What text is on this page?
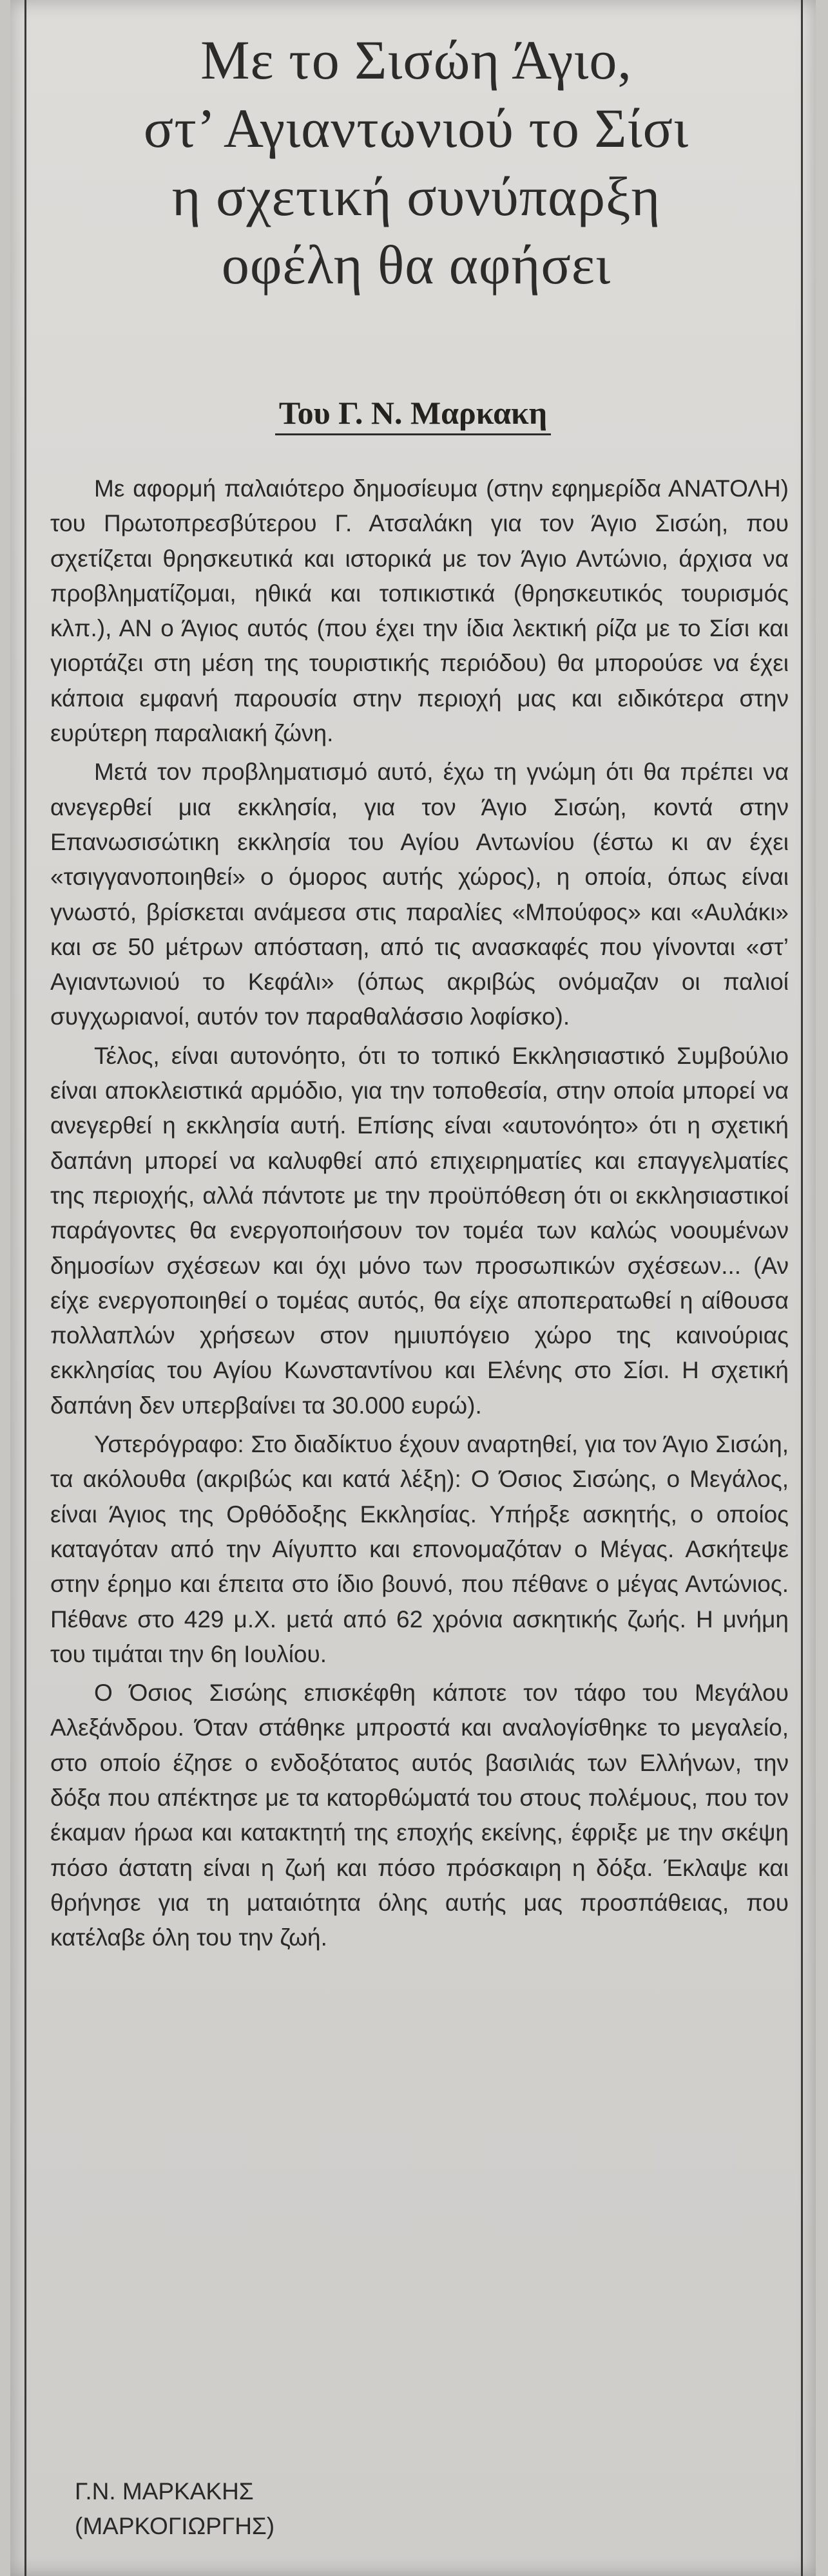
Με το Σισώη Άγιο,
στ’ Αγιαντωνιού το Σίσι
η σχετική συνύπαρξη
οφέλη θα αφήσει
Του Γ. Ν. Μαρκακη

Με αφορμή παλαιότερο δημοσίευμα (στην εφημερίδα ΑΝΑΤΟΛΗ) του Πρωτοπρεσβύτερου Γ. Ατσαλάκη για τον Άγιο Σισώη, που σχετίζεται θρησκευτικά και ιστορικά με τον Άγιο Αντώνιο, άρχισα να προβληματίζομαι, ηθικά και τοπικιστικά (θρησκευτικός τουρισμός κλπ.), ΑΝ ο Άγιος αυτός (που έχει την ίδια λεκτική ρίζα με το Σίσι και γιορτάζει στη μέση της τουριστικής περιόδου) θα μπορούσε να έχει κάποια εμφανή παρουσία στην περιοχή μας και ειδικότερα στην ευρύτερη παραλιακή ζώνη.

Μετά τον προβληματισμό αυτό, έχω τη γνώμη ότι θα πρέπει να ανεγερθεί μια εκκλησία, για τον Άγιο Σισώη, κοντά στην Επανωσισώτικη εκκλησία του Αγίου Αντωνίου (έστω κι αν έχει «τσιγγανοποιηθεί» ο όμορος αυτής χώρος), η οποία, όπως είναι γνωστό, βρίσκεται ανάμεσα στις παραλίες «Μπούφος» και «Αυλάκι» και σε 50 μέτρων απόσταση, από τις ανασκαφές που γίνονται «στ’ Αγιαντωνιού το Κεφάλι» (όπως ακριβώς ονόμαζαν οι παλιοί συγχωριανοί, αυτόν τον παραθαλάσσιο λοφίσκο).

Τέλος, είναι αυτονόητο, ότι το τοπικό Εκκλησιαστικό Συμβούλιο είναι αποκλειστικά αρμόδιο, για την τοποθεσία, στην οποία μπορεί να ανεγερθεί η εκκλησία αυτή. Επίσης είναι «αυτονόητο» ότι η σχετική δαπάνη μπορεί να καλυφθεί από επιχειρηματίες και επαγγελματίες της περιοχής, αλλά πάντοτε με την προϋπόθεση ότι οι εκκλησιαστικοί παράγοντες θα ενεργοποιήσουν τον τομέα των καλώς νοουμένων δημοσίων σχέσεων και όχι μόνο των προσωπικών σχέσεων... (Αν είχε ενεργοποιηθεί ο τομέας αυτός, θα είχε αποπερατωθεί η αίθουσα πολλαπλών χρήσεων στον ημιυπόγειο χώρο της καινούριας εκκλησίας του Αγίου Κωνσταντίνου και Ελένης στο Σίσι. Η σχετική δαπάνη δεν υπερβαίνει τα 30.000 ευρώ).

Υστερόγραφο: Στο διαδίκτυο έχουν αναρτηθεί, για τον Άγιο Σισώη, τα ακόλουθα (ακριβώς και κατά λέξη): Ο Όσιος Σισώης, ο Μεγάλος, είναι Άγιος της Ορθόδοξης Εκκλησίας. Υπήρξε ασκητής, ο οποίος καταγόταν από την Αίγυπτο και επονομαζόταν ο Μέγας. Ασκήτεψε στην έρημο και έπειτα στο ίδιο βουνό, που πέθανε ο μέγας Αντώνιος. Πέθανε στο 429 μ.Χ. μετά από 62 χρόνια ασκητικής ζωής. Η μνήμη του τιμάται την 6η Ιουλίου.

Ο Όσιος Σισώης επισκέφθη κάποτε τον τάφο του Μεγάλου Αλεξάνδρου. Όταν στάθηκε μπροστά και αναλογίσθηκε το μεγαλείο, στο οποίο έζησε ο ενδοξότατος αυτός βασιλιάς των Ελλήνων, την δόξα που απέκτησε με τα κατορθώματά του στους πολέμους, που τον έκαμαν ήρωα και κατακτητή της εποχής εκείνης, έφριξε με την σκέψη πόσο άστατη είναι η ζωή και πόσο πρόσκαιρη η δόξα. Έκλαψε και θρήνησε για τη ματαιότητα όλης αυτής μας προσπάθειας, που κατέλαβε όλη του την ζωή.

Γ.Ν. ΜΑΡΚΑΚΗΣ
(ΜΑΡΚΟΓΙΩΡΓΗΣ)
